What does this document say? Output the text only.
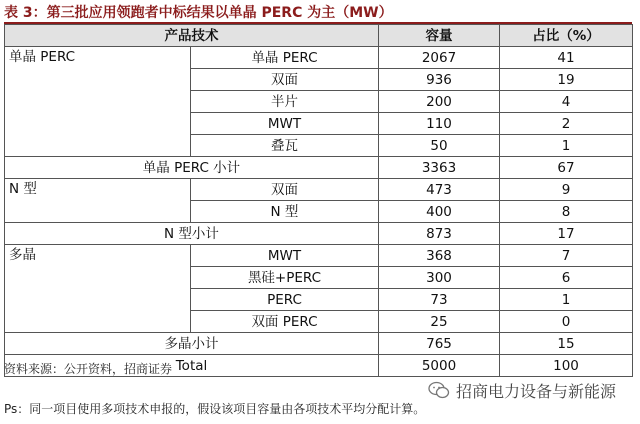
表 3：第三批应用领跑者中标结果以单晶 PERC 为主（MW）
产品技术		容量	占比（%）
单晶 PERC	单晶 PERC	2067	41
	双面	936	19
	半片	200	4
	MWT	110	2
	叠瓦	50	1
单晶 PERC 小计		3363	67
N 型	双面	473	9
	N 型	400	8
N 型小计		873	17
多晶	MWT	368	7
	黑硅+PERC	300	6
	PERC	73	1
	双面 PERC	25	0
多晶小计		765	15
Total		5000	100
资料来源：公开资料，招商证券
招商电力设备与新能源
Ps：同一项目使用多项技术申报的，假设该项目容量由各项技术平均分配计算。
